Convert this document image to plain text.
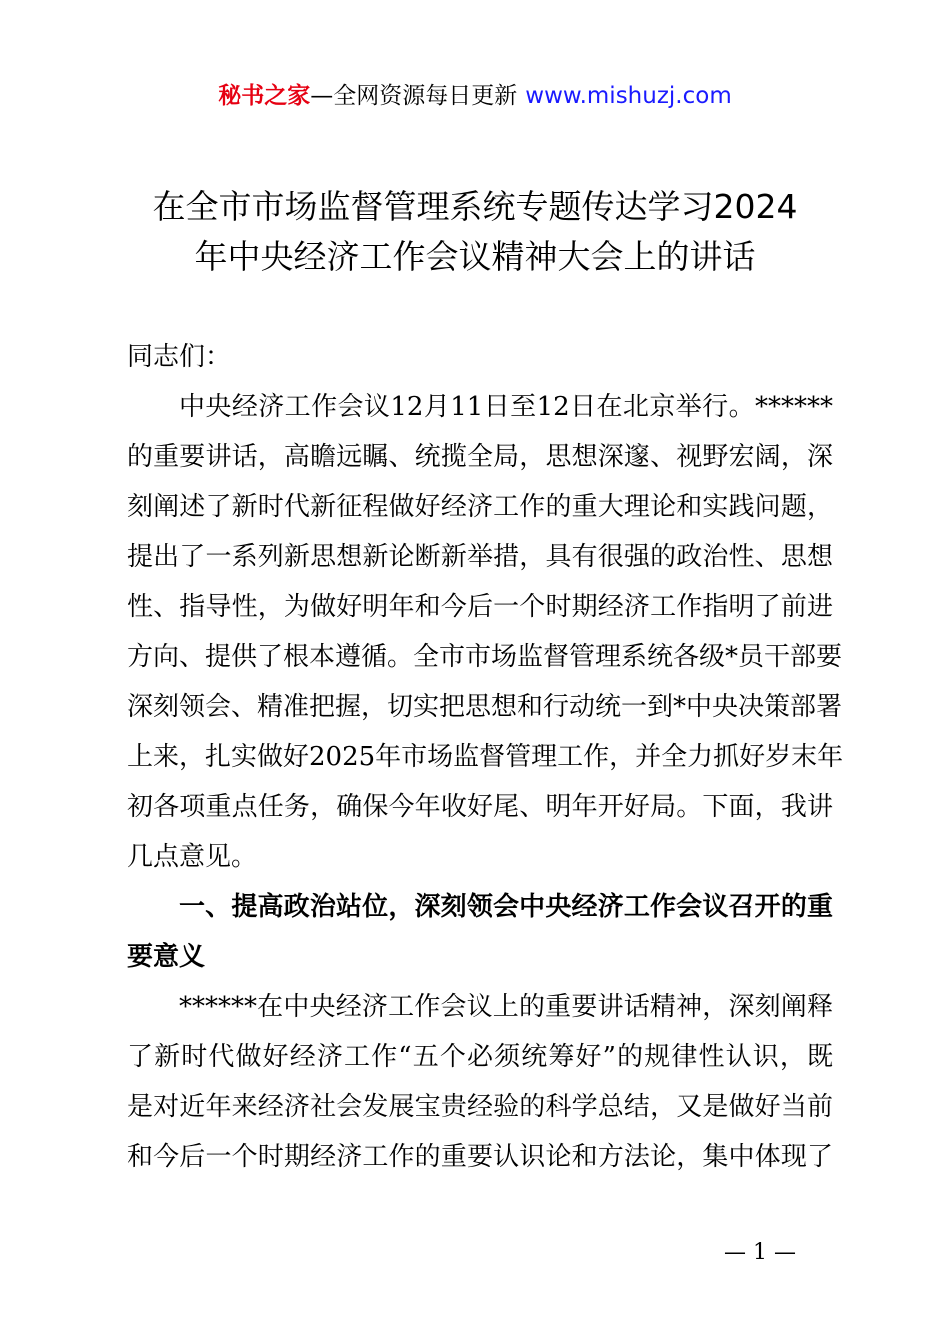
秘书之家—全网资源每日更新 www.mishuzj.com
在全市市场监督管理系统专题传达学习2024
年中央经济工作会议精神大会上的讲话
同志们：
中央经济工作会议12月11日至12日在北京举行。******
的重要讲话，高瞻远瞩、统揽全局，思想深邃、视野宏阔，深
刻阐述了新时代新征程做好经济工作的重大理论和实践问题，
提出了一系列新思想新论断新举措，具有很强的政治性、思想
性、指导性，为做好明年和今后一个时期经济工作指明了前进
方向、提供了根本遵循。全市市场监督管理系统各级*员干部要
深刻领会、精准把握，切实把思想和行动统一到*中央决策部署
上来，扎实做好2025年市场监督管理工作，并全力抓好岁末年
初各项重点任务，确保今年收好尾、明年开好局。下面，我讲
几点意见。
一、提高政治站位，深刻领会中央经济工作会议召开的重
要意义
******在中央经济工作会议上的重要讲话精神，深刻阐释
了新时代做好经济工作“五个必须统筹好”的规律性认识，既
是对近年来经济社会发展宝贵经验的科学总结，又是做好当前
和今后一个时期经济工作的重要认识论和方法论，集中体现了
— 1 —
